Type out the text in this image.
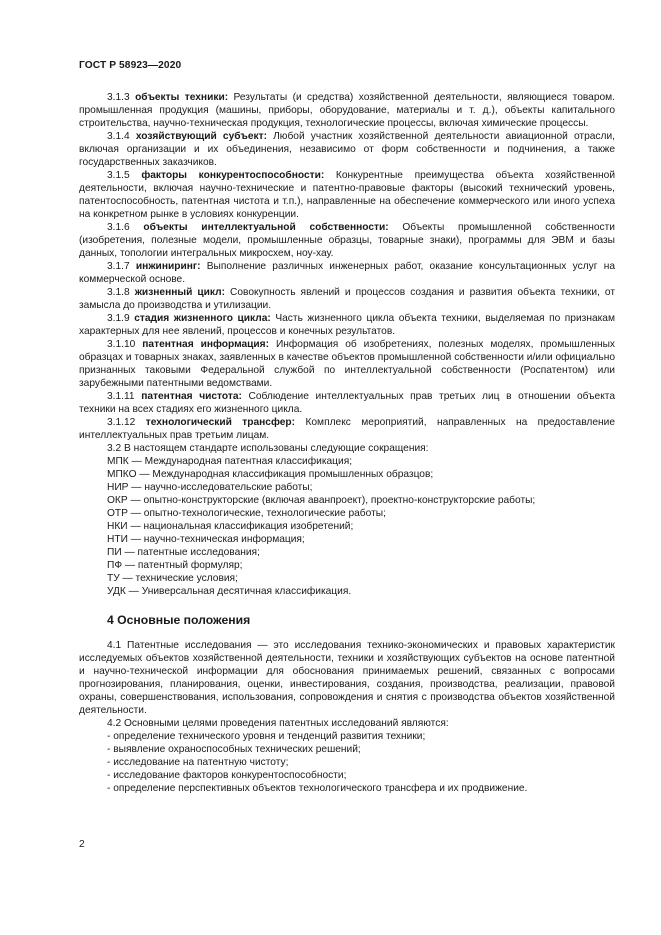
ГОСТ Р 58923—2020

3.1.3 объекты техники: Результаты (и средства) хозяйственной деятельности, являющиеся товаром. промышленная продукция (машины, приборы, оборудование, материалы и т. д.), объекты капитального строительства, научно-техническая продукция, технологические процессы, включая химические процессы.

3.1.4 хозяйствующий субъект: Любой участник хозяйственной деятельности авиационной отрасли, включая организации и их объединения, независимо от форм собственности и подчинения, а также государственных заказчиков.

3.1.5 факторы конкурентоспособности: Конкурентные преимущества объекта хозяйственной деятельности, включая научно-технические и патентно-правовые факторы (высокий технический уровень, патентоспособность, патентная чистота и т.п.), направленные на обеспечение коммерческого или иного успеха на конкретном рынке в условиях конкуренции.

3.1.6 объекты интеллектуальной собственности: Объекты промышленной собственности (изобретения, полезные модели, промышленные образцы, товарные знаки), программы для ЭВМ и базы данных, топологии интегральных микросхем, ноу-хау.

3.1.7 инжиниринг: Выполнение различных инженерных работ, оказание консультационных услуг на коммерческой основе.

3.1.8 жизненный цикл: Совокупность явлений и процессов создания и развития объекта техники, от замысла до производства и утилизации.

3.1.9 стадия жизненного цикла: Часть жизненного цикла объекта техники, выделяемая по признакам характерных для нее явлений, процессов и конечных результатов.

3.1.10 патентная информация: Информация об изобретениях, полезных моделях, промышленных образцах и товарных знаках, заявленных в качестве объектов промышленной собственности и/или официально признанных таковыми Федеральной службой по интеллектуальной собственности (Роспатентом) или зарубежными патентными ведомствами.

3.1.11 патентная чистота: Соблюдение интеллектуальных прав третьих лиц в отношении объекта техники на всех стадиях его жизненного цикла.

3.1.12 технологический трансфер: Комплекс мероприятий, направленных на предоставление интеллектуальных прав третьим лицам.

3.2 В настоящем стандарте использованы следующие сокращения:

МПК — Международная патентная классификация;

МПКО — Международная классификация промышленных образцов;

НИР — научно-исследовательские работы;

ОКР — опытно-конструкторские (включая аванпроект), проектно-конструкторские работы;

ОТР — опытно-технологические, технологические работы;

НКИ — национальная классификация изобретений;

НТИ — научно-техническая информация;

ПИ — патентные исследования;

ПФ — патентный формуляр;

ТУ — технические условия;

УДК — Универсальная десятичная классификация.

4 Основные положения

4.1 Патентные исследования — это исследования технико-экономических и правовых характеристик исследуемых объектов хозяйственной деятельности, техники и хозяйствующих субъектов на основе патентной и научно-технической информации для обоснования принимаемых решений, связанных с вопросами прогнозирования, планирования, оценки, инвестирования, создания, производства, реализации, правовой охраны, совершенствования, использования, сопровождения и снятия с производства объектов хозяйственной деятельности.

4.2 Основными целями проведения патентных исследований являются:

- определение технического уровня и тенденций развития техники;

- выявление охраноспособных технических решений;

- исследование на патентную чистоту;

- исследование факторов конкурентоспособности;

- определение перспективных объектов технологического трансфера и их продвижение.

2
